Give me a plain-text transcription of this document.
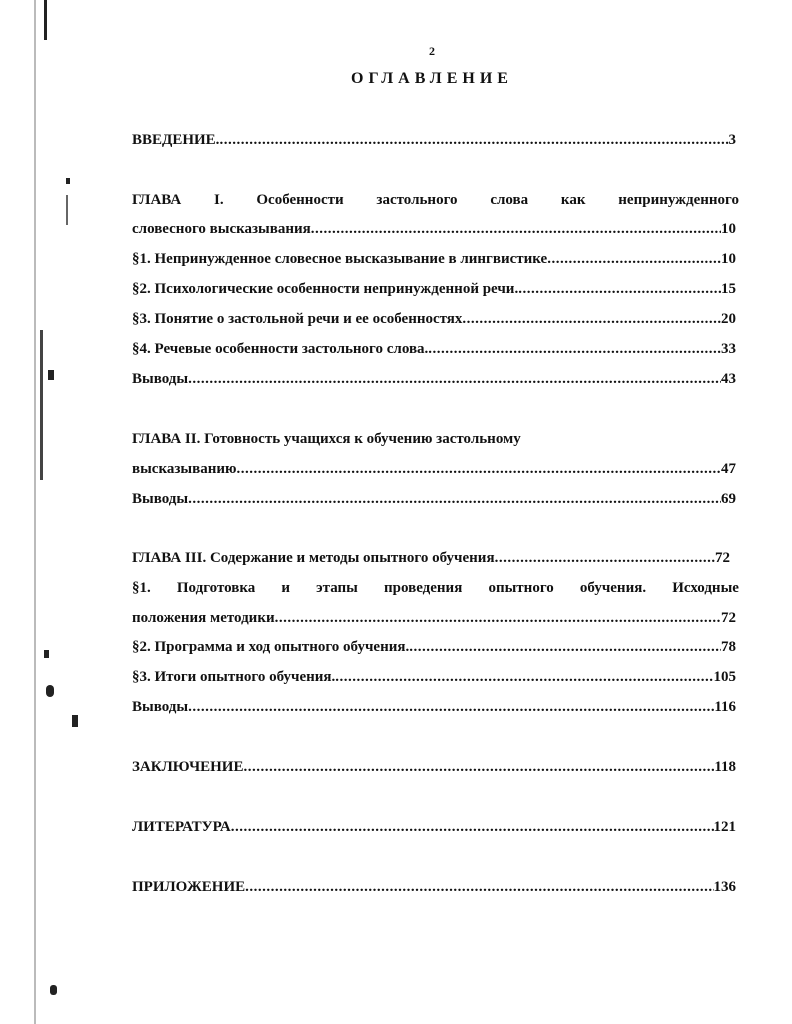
2
ОГЛАВЛЕНИЕ
ВВЕДЕНИЕ. .....	3
ГЛАВА I. Особенности застольного слова как непринужденного
словесного высказывания .....	10
§1. Непринужденное словесное высказывание в лингвистике .....	10
§2. Психологические особенности непринужденной речи. .....	15
§3. Понятие о застольной речи и ее особенностях .....	20
§4. Речевые особенности застольного слова. .....	33
Выводы .....	43
ГЛАВА II. Готовность учащихся к обучению застольному
высказыванию .....	47
Выводы .....	69
ГЛАВА III. Содержание и методы опытного обучения .....	72
§1. Подготовка и этапы проведения опытного обучения. Исходные
положения методики .....	72
§2. Программа и ход опытного обучения. .....	78
§3. Итоги опытного обучения. .....	105
Выводы .....	116
ЗАКЛЮЧЕНИЕ .....	118
ЛИТЕРАТУРА .....	121
ПРИЛОЖЕНИЕ .....	136
